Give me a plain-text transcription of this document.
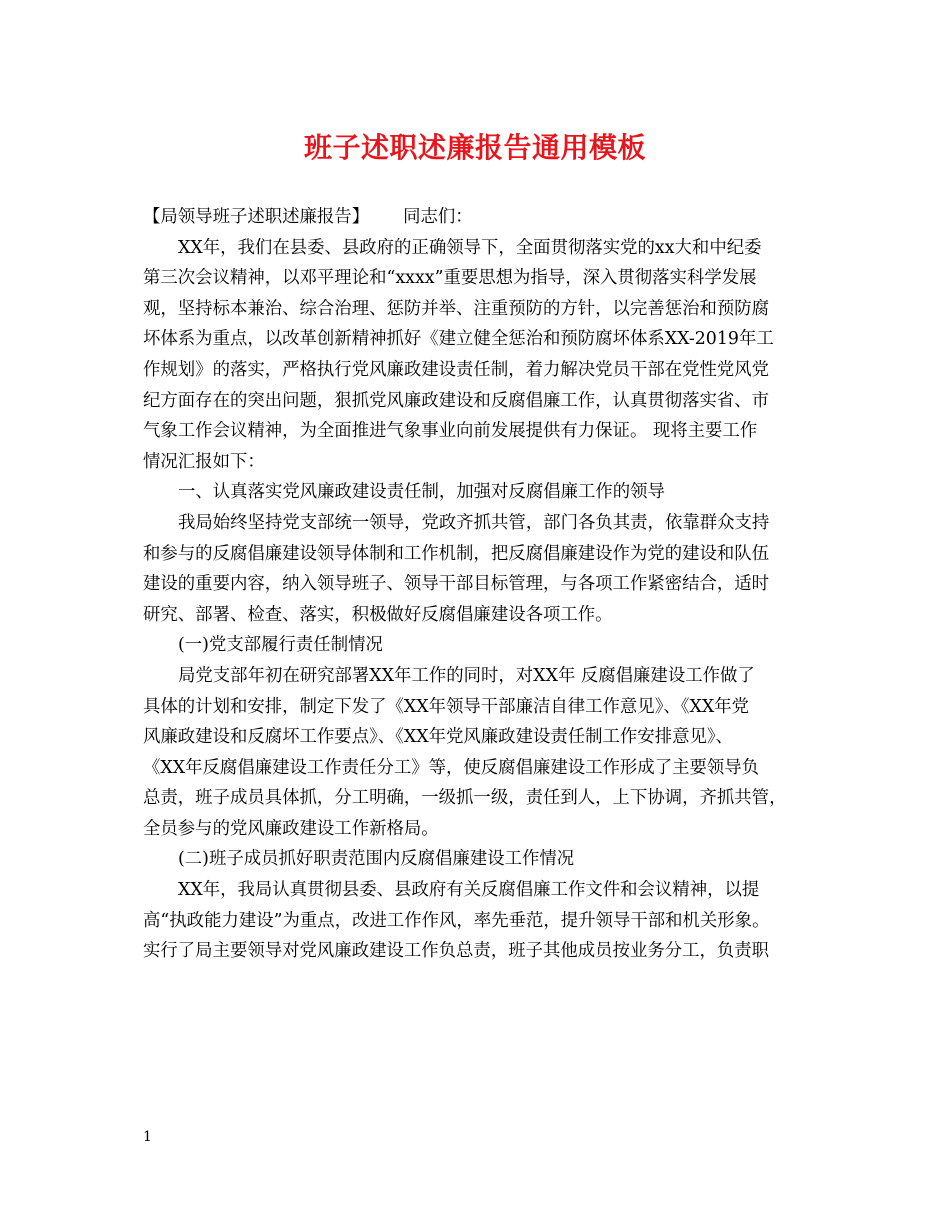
班子述职述廉报告通用模板
【局领导班子述职述廉报告】 同志们：
XX年，我们在县委、县政府的正确领导下，全面贯彻落实党的xx大和中纪委
第三次会议精神，以邓平理论和“xxxx”重要思想为指导，深入贯彻落实科学发展
观，坚持标本兼治、综合治理、惩防并举、注重预防的方针，以完善惩治和预防腐
坏体系为重点，以改革创新精神抓好《建立健全惩治和预防腐坏体系XX-2019年工
作规划》的落实，严格执行党风廉政建设责任制，着力解决党员干部在党性党风党
纪方面存在的突出问题，狠抓党风廉政建设和反腐倡廉工作，认真贯彻落实省、市
气象工作会议精神，为全面推进气象事业向前发展提供有力保证。 现将主要工作
情况汇报如下：
一、认真落实党风廉政建设责任制，加强对反腐倡廉工作的领导
我局始终坚持党支部统一领导，党政齐抓共管，部门各负其责，依靠群众支持
和参与的反腐倡廉建设领导体制和工作机制，把反腐倡廉建设作为党的建设和队伍
建设的重要内容，纳入领导班子、领导干部目标管理，与各项工作紧密结合，适时
研究、部署、检查、落实，积极做好反腐倡廉建设各项工作。
(一)党支部履行责任制情况
局党支部年初在研究部署XX年工作的同时，对XX年 反腐倡廉建设工作做了
具体的计划和安排，制定下发了《XX年领导干部廉洁自律工作意见》、《XX年党
风廉政建设和反腐坏工作要点》、《XX年党风廉政建设责任制工作安排意见》、
《XX年反腐倡廉建设工作责任分工》等，使反腐倡廉建设工作形成了主要领导负
总责，班子成员具体抓，分工明确，一级抓一级，责任到人，上下协调，齐抓共管，
全员参与的党风廉政建设工作新格局。
(二)班子成员抓好职责范围内反腐倡廉建设工作情况
XX年，我局认真贯彻县委、县政府有关反腐倡廉工作文件和会议精神，以提
高“执政能力建设”为重点，改进工作作风，率先垂范，提升领导干部和机关形象。
实行了局主要领导对党风廉政建设工作负总责，班子其他成员按业务分工，负责职
1
